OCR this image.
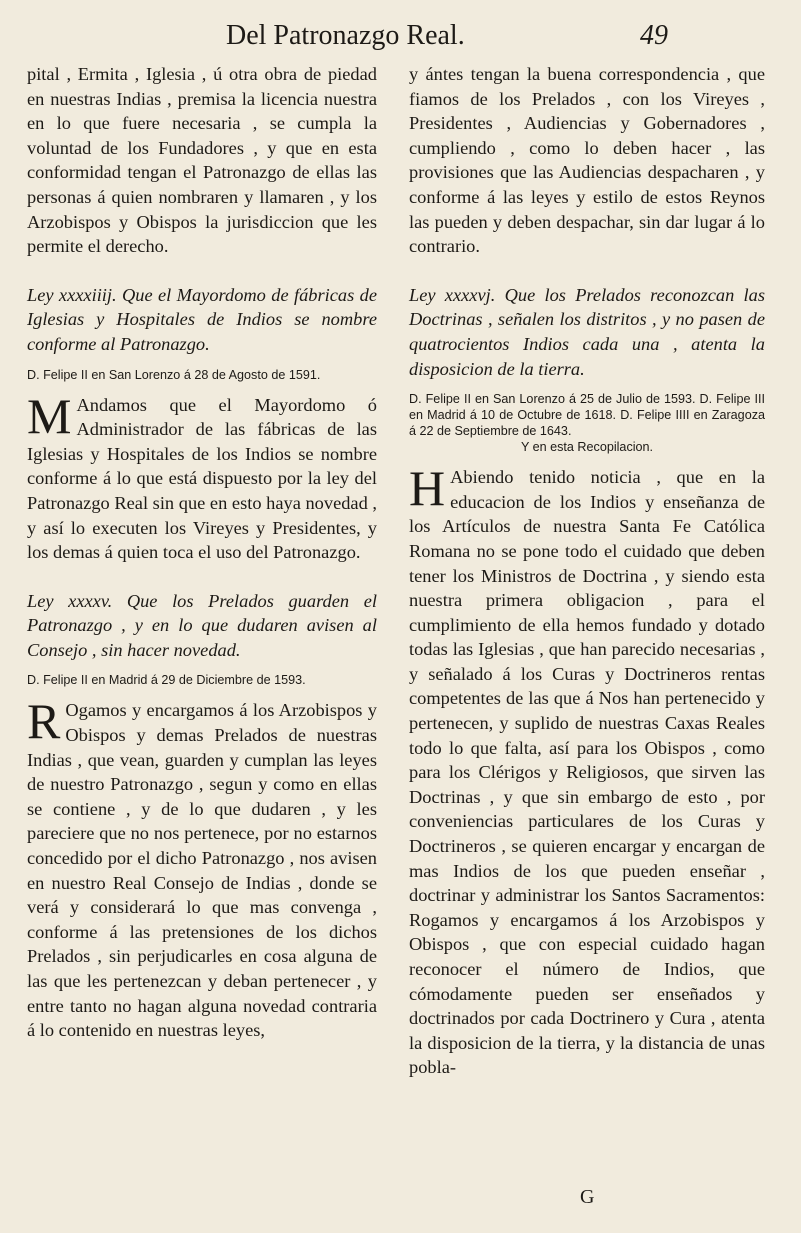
Del Patronazgo Real.	49

pital , Ermita , Iglesia , ú otra obra de piedad en nuestras Indias , premisa la licencia nuestra en lo que fuere necesaria , se cumpla la voluntad de los Fundadores , y que en esta conformidad tengan el Patronazgo de ellas las personas á quien nombraren y llamaren , y los Arzobispos y Obispos la jurisdiccion que les permite el derecho.

Ley xxxxiiij. Que el Mayordomo de fábricas de Iglesias y Hospitales de Indios se nombre conforme al Patronazgo.

D. Felipe II en San Lorenzo á 28 de Agosto de 1591.

M Andamos que el Mayordomo ó Administrador de las fábricas de las Iglesias y Hospitales de los Indios se nombre conforme á lo que está dispuesto por la ley del Patronazgo Real sin que en esto haya novedad , y así lo executen los Vireyes y Presidentes, y los demas á quien toca el uso del Patronazgo.

Ley xxxxv. Que los Prelados guarden el Patronazgo , y en lo que dudaren avisen al Consejo , sin hacer novedad.

D. Felipe II en Madrid á 29 de Diciembre de 1593.

R Ogamos y encargamos á los Arzobispos y Obispos y demas Prelados de nuestras Indias , que vean, guarden y cumplan las leyes de nuestro Patronazgo , segun y como en ellas se contiene , y de lo que dudaren , y les pareciere que no nos pertenece, por no estarnos concedido por el dicho Patronazgo , nos avisen en nuestro Real Consejo de Indias , donde se verá y considerará lo que mas convenga , conforme á las pretensiones de los dichos Prelados , sin perjudicarles en cosa alguna de las que les pertenezcan y deban pertenecer , y entre tanto no hagan alguna novedad contraria á lo contenido en nuestras leyes,

y ántes tengan la buena correspondencia , que fiamos de los Prelados , con los Vireyes , Presidentes , Audiencias y Gobernadores , cumpliendo , como lo deben hacer , las provisiones que las Audiencias despacharen , y conforme á las leyes y estilo de estos Reynos las pueden y deben despachar, sin dar lugar á lo contrario.

Ley xxxxvj. Que los Prelados reconozcan las Doctrinas , señalen los distritos , y no pasen de quatrocientos Indios cada una , atenta la disposicion de la tierra.

D. Felipe II en San Lorenzo á 25 de Julio de 1593. D. Felipe III en Madrid á 10 de Octubre de 1618. D. Felipe IIII en Zaragoza á 22 de Septiembre de 1643.

Y en esta Recopilacion.

H Abiendo tenido noticia , que en la educacion de los Indios y enseñanza de los Artículos de nuestra Santa Fe Católica Romana no se pone todo el cuidado que deben tener los Ministros de Doctrina , y siendo esta nuestra primera obligacion , para el cumplimiento de ella hemos fundado y dotado todas las Iglesias , que han parecido necesarias , y señalado á los Curas y Doctrineros rentas competentes de las que á Nos han pertenecido y pertenecen, y suplido de nuestras Caxas Reales todo lo que falta, así para los Obispos , como para los Clérigos y Religiosos, que sirven las Doctrinas , y que sin embargo de esto , por conveniencias particulares de los Curas y Doctrineros , se quieren encargar y encargan de mas Indios de los que pueden enseñar , doctrinar y administrar los Santos Sacramentos: Rogamos y encargamos á los Arzobispos y Obispos , que con especial cuidado hagan reconocer el número de Indios, que cómodamente pueden ser enseñados y doctrinados por cada Doctrinero y Cura , atenta la disposicion de la tierra, y la distancia de unas pobla-

G
